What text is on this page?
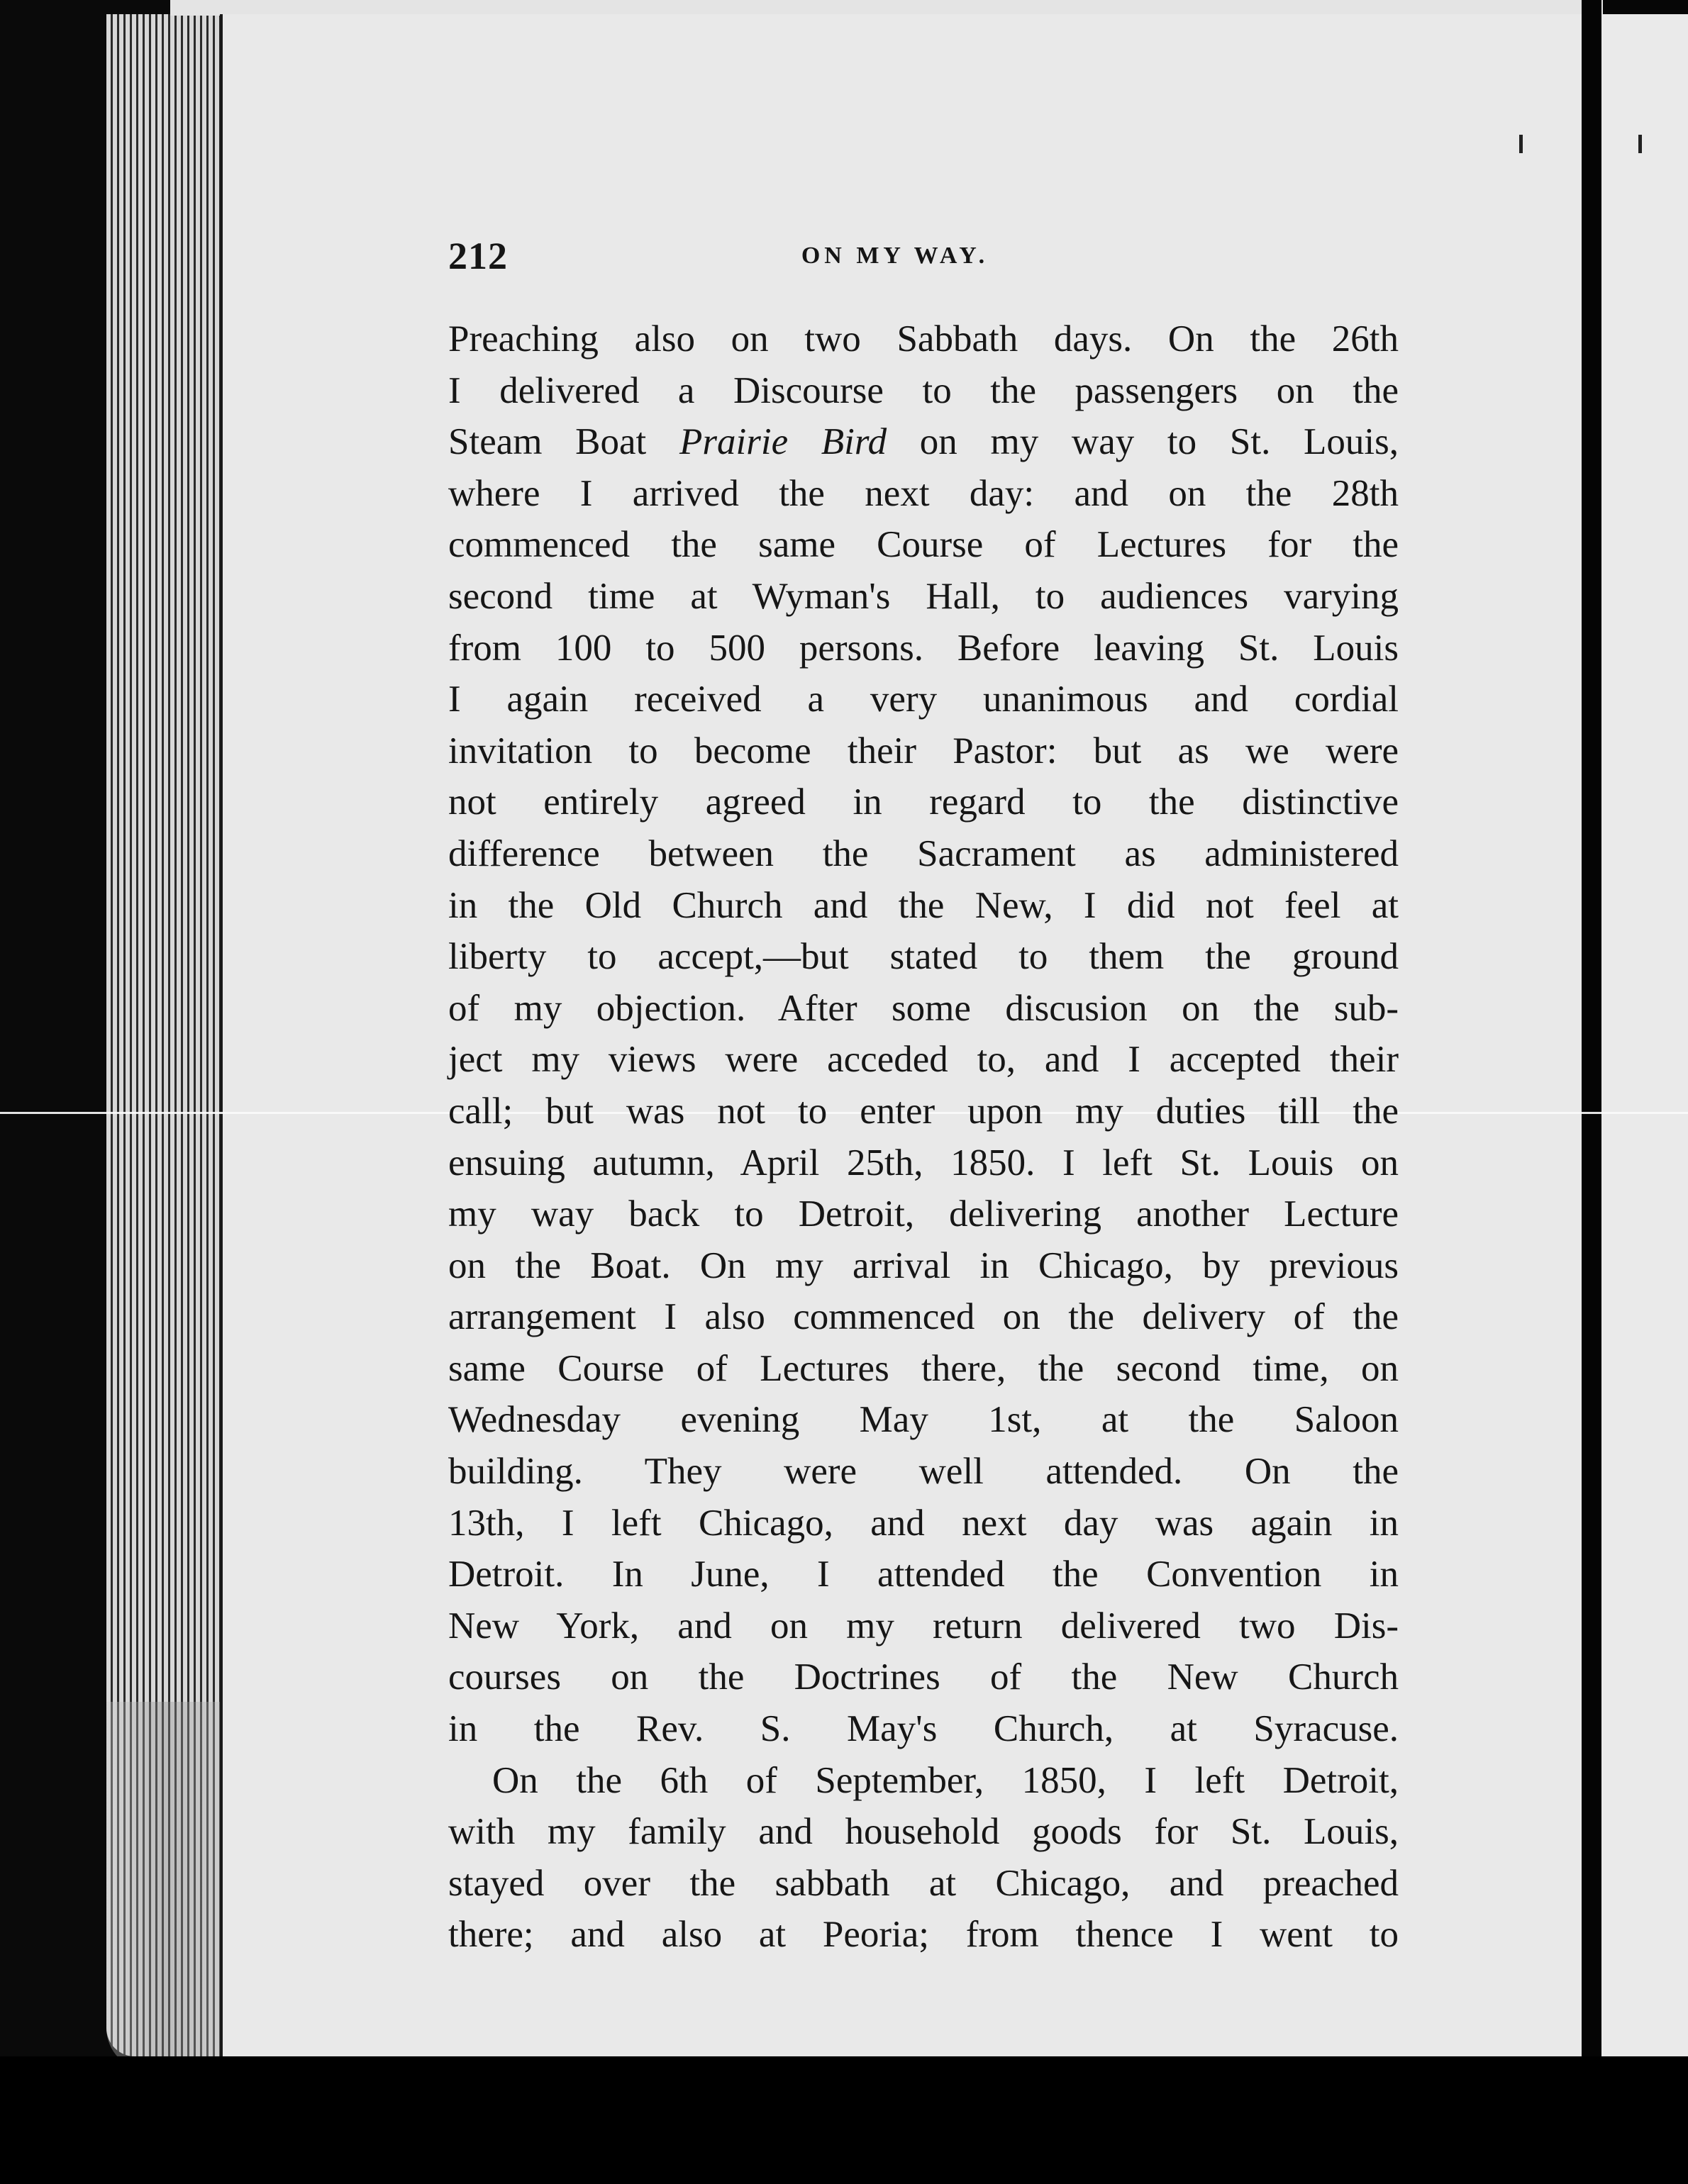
212	ON MY WAY.
Preaching also on two Sabbath days. On the 26th
I delivered a Discourse to the passengers on the
Steam Boat Prairie Bird on my way to St. Louis,
where I arrived the next day: and on the 28th
commenced the same Course of Lectures for the
second time at Wyman's Hall, to audiences varying
from 100 to 500 persons. Before leaving St. Louis
I again received a very unanimous and cordial
invitation to become their Pastor: but as we were
not entirely agreed in regard to the distinctive
difference between the Sacrament as administered
in the Old Church and the New, I did not feel at
liberty to accept,—but stated to them the ground
of my objection. After some discusion on the sub-
ject my views were acceded to, and I accepted their
call; but was not to enter upon my duties till the
ensuing autumn, April 25th, 1850. I left St. Louis on
my way back to Detroit, delivering another Lecture
on the Boat. On my arrival in Chicago, by previous
arrangement I also commenced on the delivery of the
same Course of Lectures there, the second time, on
Wednesday evening May 1st, at the Saloon
building. They were well attended. On the
13th, I left Chicago, and next day was again in
Detroit. In June, I attended the Convention in
New York, and on my return delivered two Dis-
courses on the Doctrines of the New Church
in the Rev. S. May's Church, at Syracuse.
On the 6th of September, 1850, I left Detroit,
with my family and household goods for St. Louis,
stayed over the sabbath at Chicago, and preached
there; and also at Peoria; from thence I went to
